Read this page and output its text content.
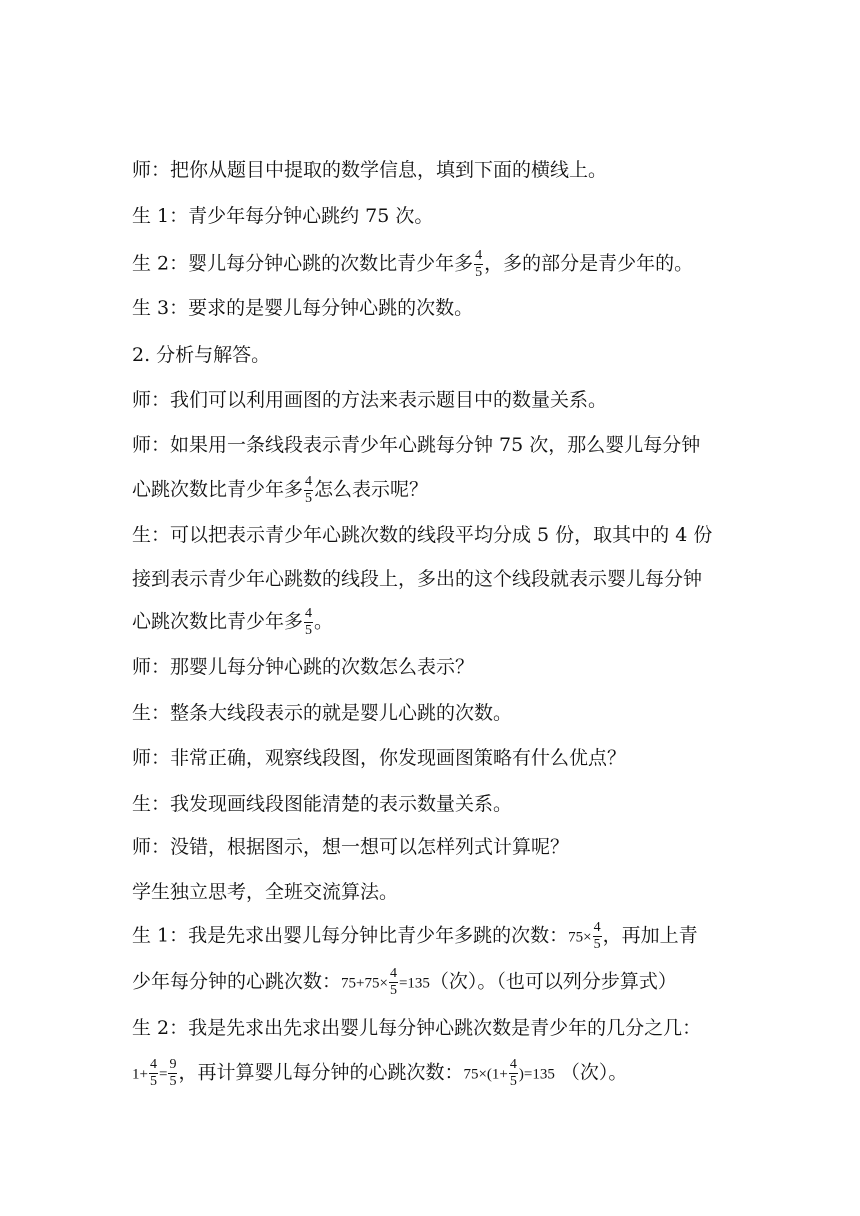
师：把你从题目中提取的数学信息，填到下面的横线上。
生 1：青少年每分钟心跳约 75 次。
生 2：婴儿每分钟心跳的次数比青少年多 $\frac{4}{5}$ ，多的部分是青少年的。
生 3：要求的是婴儿每分钟心跳的次数。
2. 分析与解答。
师：我们可以利用画图的方法来表示题目中的数量关系。
师：如果用一条线段表示青少年心跳每分钟 75 次，那么婴儿每分钟
心跳次数比青少年多 $\frac{4}{5}$ 怎么表示呢？
生：可以把表示青少年心跳次数的线段平均分成 5 份，取其中的 4 份
接到表示青少年心跳数的线段上，多出的这个线段就表示婴儿每分钟
心跳次数比青少年多 $\frac{4}{5}$ 。
师：那婴儿每分钟心跳的次数怎么表示？
生：整条大线段表示的就是婴儿心跳的次数。
师：非常正确，观察线段图，你发现画图策略有什么优点？
生：我发现画线段图能清楚的表示数量关系。
师：没错，根据图示，想一想可以怎样列式计算呢？
学生独立思考，全班交流算法。
生 1：我是先求出婴儿每分钟比青少年多跳的次数：$75\times \frac{4}{5}$ ，再加上青
少年每分钟的心跳次数：$75+75\times \frac{4}{5} =135$（次）。（也可以列分步算式）
生 2：我是先求出先求出婴儿每分钟心跳次数是青少年的几分之几：
$1+ \frac{4}{5} = \frac{9}{5}$ ，再计算婴儿每分钟的心跳次数：$75\times(1+ \frac{4}{5} )=135$ （次）。
